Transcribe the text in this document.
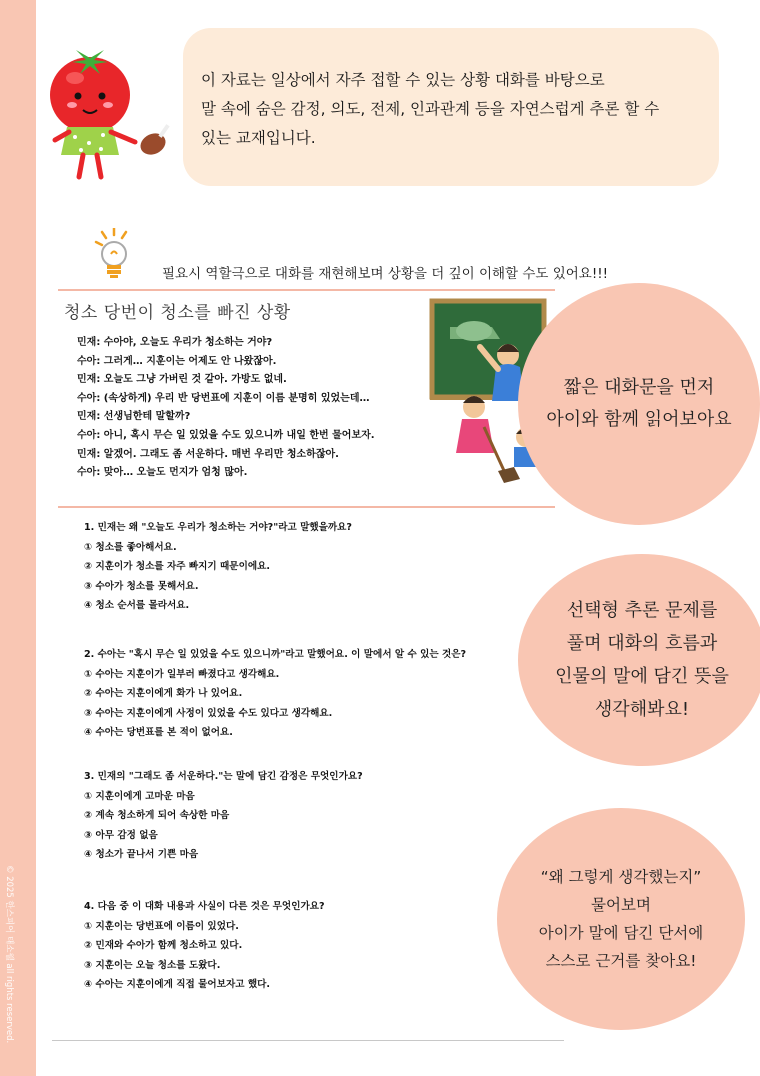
© 2025 한스피어 태소웰 all rights reserved.
이 자료는 일상에서 자주 접할 수 있는 상황 대화를 바탕으로
말 속에 숨은 감정, 의도, 전제, 인과관계 등을 자연스럽게 추론 할 수
있는 교재입니다.
필요시 역할극으로 대화를 재현해보며 상황을 더 깊이 이해할 수도 있어요!!!
청소 당번이 청소를 빠진 상황
민재: 수아야, 오늘도 우리가 청소하는 거야?
수아: 그러게… 지훈이는 어제도 안 나왔잖아.
민재: 오늘도 그냥 가버린 것 같아. 가방도 없네.
수아: (속상하게) 우리 반 당번표에 지훈이 이름 분명히 있었는데…
민재: 선생님한테 말할까?
수아: 아니, 혹시 무슨 일 있었을 수도 있으니까 내일 한번 물어보자.
민재: 알겠어. 그래도 좀 서운하다. 매번 우리만 청소하잖아.
수아: 맞아… 오늘도 먼지가 엄청 많아.
짧은 대화문을 먼저
아이와 함께 읽어보아요
1. 민재는 왜 "오늘도 우리가 청소하는 거야?"라고 말했을까요?
① 청소를 좋아해서요.
② 지훈이가 청소를 자주 빠지기 때문이에요.
③ 수아가 청소를 못해서요.
④ 청소 순서를 몰라서요.
2. 수아는 "혹시 무슨 일 있었을 수도 있으니까"라고 말했어요. 이 말에서 알 수 있는 것은?
① 수아는 지훈이가 일부러 빠졌다고 생각해요.
② 수아는 지훈이에게 화가 나 있어요.
③ 수아는 지훈이에게 사정이 있었을 수도 있다고 생각해요.
④ 수아는 당번표를 본 적이 없어요.
3. 민재의 "그래도 좀 서운하다."는 말에 담긴 감정은 무엇인가요?
① 지훈이에게 고마운 마음
② 계속 청소하게 되어 속상한 마음
③ 아무 감정 없음
④ 청소가 끝나서 기쁜 마음
4. 다음 중 이 대화 내용과 사실이 다른 것은 무엇인가요?
① 지훈이는 당번표에 이름이 있었다.
② 민재와 수아가 함께 청소하고 있다.
③ 지훈이는 오늘 청소를 도왔다.
④ 수아는 지훈이에게 직접 물어보자고 했다.
선택형 추론 문제를
풀며 대화의 흐름과
인물의 말에 담긴 뜻을
생각해봐요!
“왜 그렇게 생각했는지”
물어보며
아이가 말에 담긴 단서에
스스로 근거를 찾아요!
